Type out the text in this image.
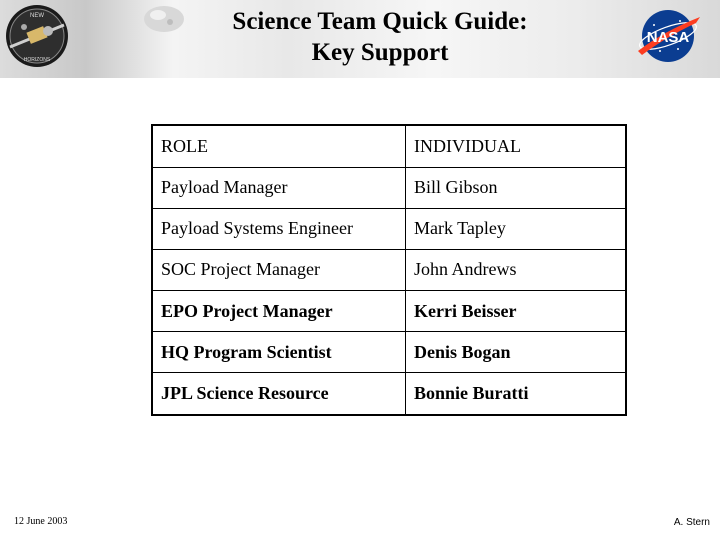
NEW
HORIZONS
NASA
Science Team Quick Guide:
Key Support
ROLE	INDIVIDUAL
Payload Manager	Bill Gibson
Payload Systems Engineer	Mark Tapley
SOC Project Manager	John Andrews
EPO Project Manager	Kerri Beisser
HQ Program Scientist	Denis Bogan
JPL Science Resource	Bonnie Buratti
12 June 2003	A. Stern
